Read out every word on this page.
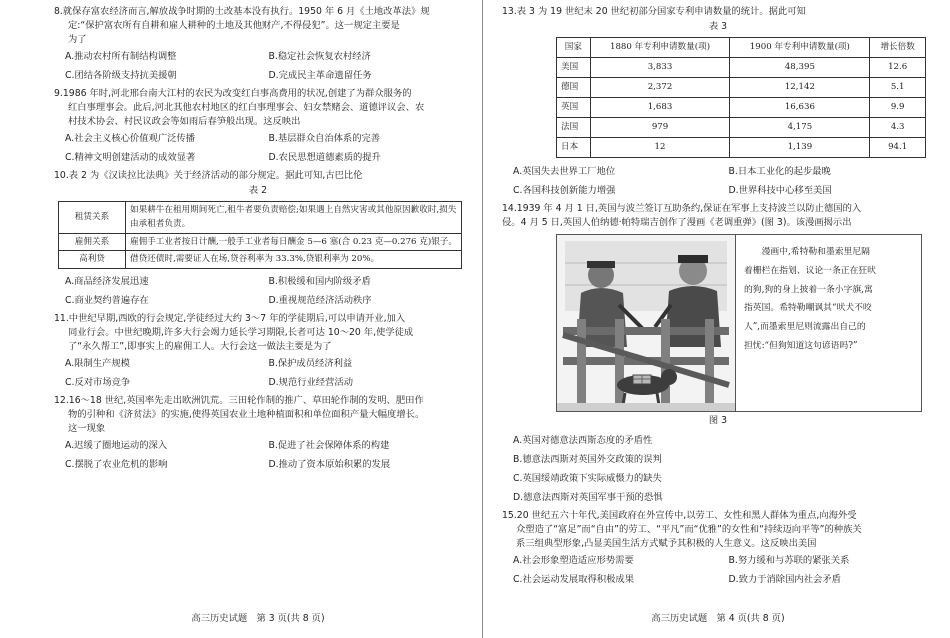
8.就保存富农经济而言,解放战争时期的土改基本没有执行。1950 年 6 月《土地改革法》规

定:“保护富农所有自耕和雇人耕种的土地及其他财产,不得侵犯”。这一规定主要是

为了

A.推动农村所有制结构调整	B.稳定社会恢复农村经济
C.团结各阶级支持抗美援朝	D.完成民主革命遗留任务

9.1986 年时,河北邢台南大江村的农民为改变红白事高费用的状况,创建了为群众服务的

红白事理事会。此后,河北其他农村地区的红白事理事会、妇女禁赌会、道德评议会、农

村技术协会、村民议政会等如雨后春笋般出现。这反映出

A.社会主义核心价值观广泛传播	B.基层群众自治体系的完善
C.精神文明创建活动的成效显著	D.农民思想道德素质的提升

10.表 2 为《汉读拉比法典》关于经济活动的部分规定。据此可知,古巴比伦

表 2

租赁关系	如果耕牛在租用期间死亡,租牛者要负责赔偿;如果遇上自然灾害或其他原因歉收时,损失由承租者负责。
雇佣关系	雇佣手工业者按日计酬,一般手工业者每日酬金 5—6 塞(合 0.23 克—0.276 克)银子。
高利贷	借贷还债时,需要证人在场,贷谷利率为 33.3%,贷银利率为 20%。
A.商品经济发展迅速	B.积极缓和国内阶级矛盾
C.商业契约普遍存在	D.重视规范经济活动秩序

11.中世纪早期,西欧的行会规定,学徒经过大约 3～7 年的学徒期后,可以申请开业,加入

同业行会。中世纪晚期,许多大行会竭力延长学习期限,长者可达 10～20 年,使学徒成

了“永久帮工”,即事实上的雇佣工人。大行会这一做法主要是为了

A.限制生产规模	B.保护成员经济利益
C.反对市场竞争	D.规范行业经营活动

12.16～18 世纪,英国率先走出欧洲饥荒。三田轮作制的推广、草田轮作制的发明、肥田作

物的引种和《济贫法》的实施,使得英国农业土地种植面积和单位面积产量大幅度增长。

这一现象

A.迟缓了圈地运动的深入	B.促进了社会保障体系的构建
C.摆脱了农业危机的影响	D.推动了资本原始积累的发展

13.表 3 为 19 世纪末 20 世纪初部分国家专利申请数量的统计。据此可知

表 3

国家	1880 年专利申请数量(项)	1900 年专利申请数量(项)	增长倍数
美国	3,833	48,395	12.6
德国	2,372	12,142	5.1
英国	1,683	16,636	9.9
法国	979	4,175	4.3
日本	12	1,139	94.1
A.英国失去世界工厂地位	B.日本工业化的起步最晚
C.各国科技创新能力增强	D.世界科技中心移至美国

14.1939 年 4 月 1 日,英国与波兰签订互助条约,保证在军事上支持波兰以防止德国的入

侵。4 月 5 日,英国人伯纳德·帕特瑞吉创作了漫画《老调重弹》(图 3)。该漫画揭示出

漫画中,希特勒和墨索里尼隔

着栅栏在指划、议论一条正在狂吠

的狗,狗的身上披着一条小字旗,寓

指英国。希特勒嘲讽其“吠犬不咬

人”,而墨索里尼则流露出自己的

担忧:“但狗知道这句谚语吗?”

图 3

A.英国对德意法西斯态度的矛盾性

B.德意法西斯对英国外交政策的误判

C.英国绥靖政策下实际威慑力的缺失

D.德意法西斯对英国军事干预的恐惧

15.20 世纪五六十年代,美国政府在外宣传中,以劳工、女性和黑人群体为重点,向海外受

众塑造了“富足”而“自由”的劳工、“平凡”而“优雅”的女性和“持续迈向平等”的种族关

系三组典型形象,凸显美国生活方式赋予其积极的人生意义。这反映出美国

A.社会形象塑造适应形势需要	B.努力缓和与苏联的紧张关系
C.社会运动发展取得积极成果	D.致力于消除国内社会矛盾
高三历史试题　第 3 页(共 8 页)	高三历史试题　第 4 页(共 8 页)
